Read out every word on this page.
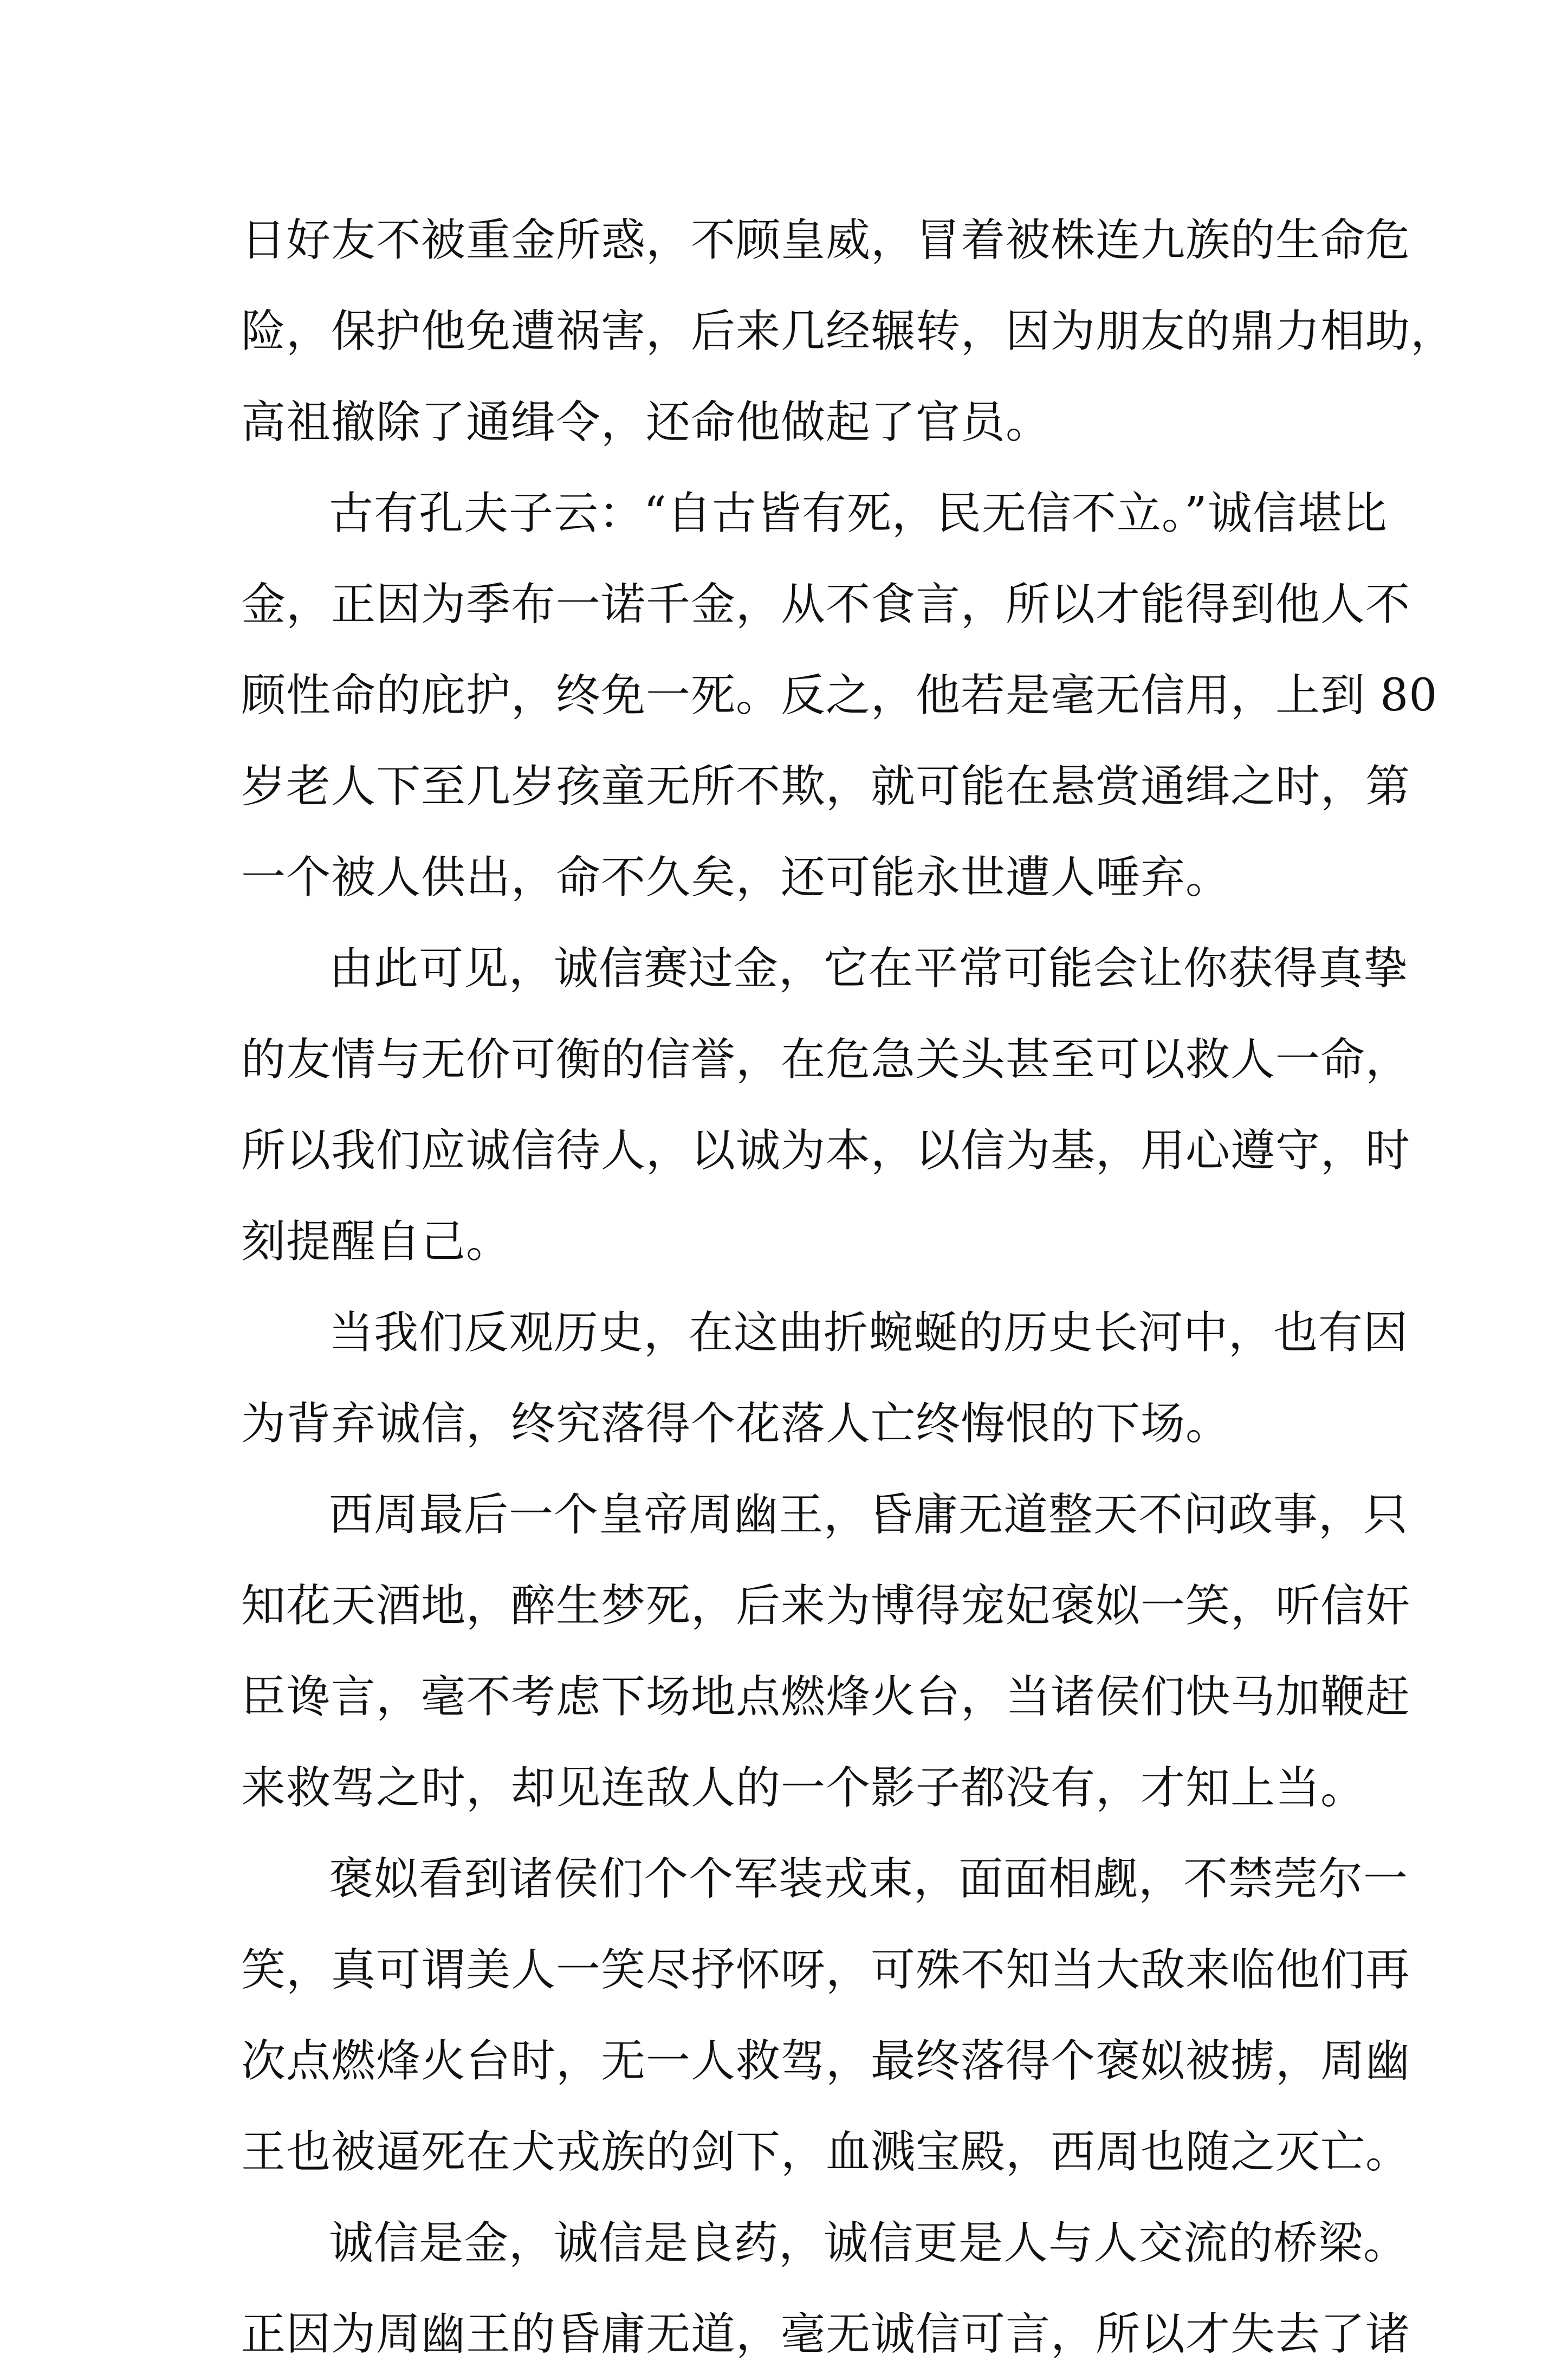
日好友不被重金所惑，不顾皇威，冒着被株连九族的生命危
险，保护他免遭祸害，后来几经辗转，因为朋友的鼎力相助，
高祖撤除了通缉令，还命他做起了官员。
古有孔夫子云：“自古皆有死，民无信不立。”诚信堪比
金，正因为季布一诺千金，从不食言，所以才能得到他人不
顾性命的庇护，终免一死。反之，他若是毫无信用，上到 80
岁老人下至几岁孩童无所不欺，就可能在悬赏通缉之时，第
一个被人供出，命不久矣，还可能永世遭人唾弃。
由此可见，诚信赛过金，它在平常可能会让你获得真挚
的友情与无价可衡的信誉，在危急关头甚至可以救人一命，
所以我们应诚信待人，以诚为本，以信为基，用心遵守，时
刻提醒自己。
当我们反观历史，在这曲折蜿蜒的历史长河中，也有因
为背弃诚信，终究落得个花落人亡终悔恨的下场。
西周最后一个皇帝周幽王，昏庸无道整天不问政事，只
知花天酒地，醉生梦死，后来为博得宠妃褒姒一笑，听信奸
臣谗言，毫不考虑下场地点燃烽火台，当诸侯们快马加鞭赶
来救驾之时，却见连敌人的一个影子都没有，才知上当。
褒姒看到诸侯们个个军装戎束，面面相觑，不禁莞尔一
笑，真可谓美人一笑尽抒怀呀，可殊不知当大敌来临他们再
次点燃烽火台时，无一人救驾，最终落得个褒姒被掳，周幽
王也被逼死在犬戎族的剑下，血溅宝殿，西周也随之灭亡。
诚信是金，诚信是良药，诚信更是人与人交流的桥梁。
正因为周幽王的昏庸无道，毫无诚信可言，所以才失去了诸
